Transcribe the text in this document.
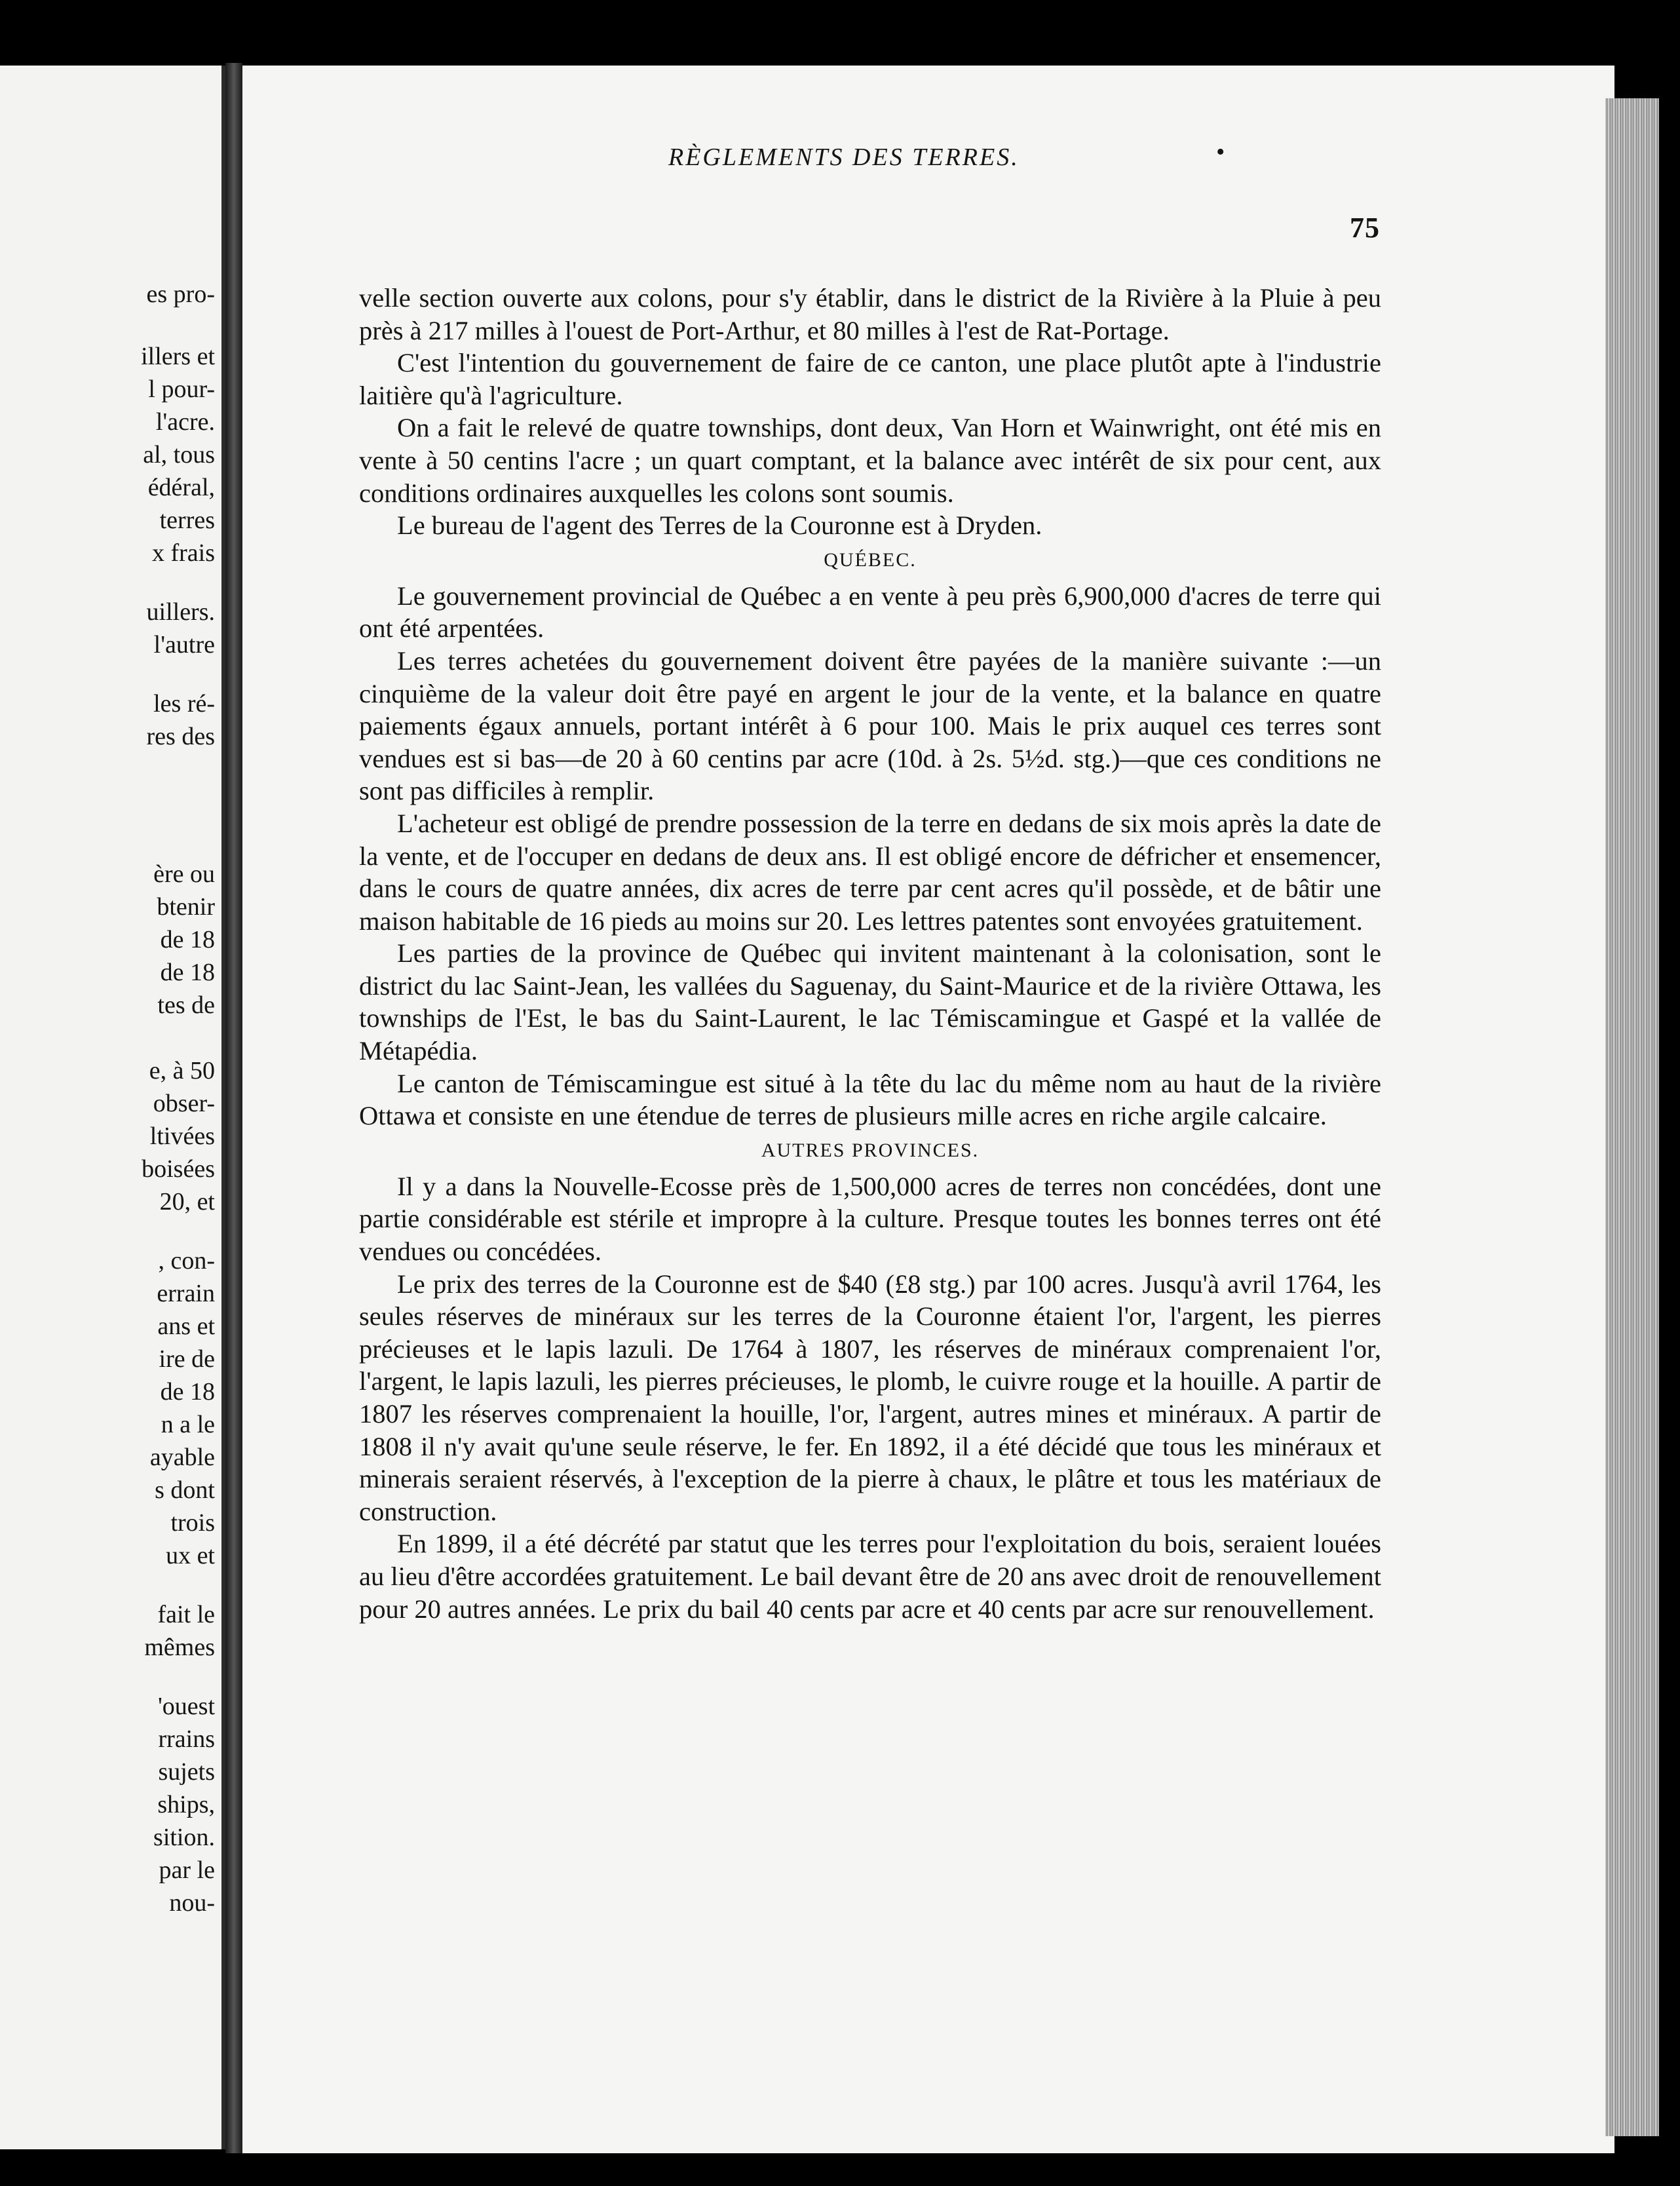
es pro-
illers et
l pour-
l'acre.
al, tous
édéral,
terres
x frais
uillers.
l'autre
les ré-
res des
ère ou
btenir
de 18
de 18
tes de
e, à 50
obser-
ltivées
boisées
20, et
, con-
errain
ans et
ire de
de 18
n a le
ayable
s dont
trois
ux et
fait le
mêmes
'ouest
rrains
sujets
ships,
sition.
par le
nou-
RÈGLEMENTS DES TERRES.	•
75

velle section ouverte aux colons, pour s'y établir, dans le district de la Rivière à la Pluie à peu près à 217 milles à l'ouest de Port-Arthur, et 80 milles à l'est de Rat-Portage.

C'est l'intention du gouvernement de faire de ce canton, une place plutôt apte à l'industrie laitière qu'à l'agriculture.

On a fait le relevé de quatre townships, dont deux, Van Horn et Wainwright, ont été mis en vente à 50 centins l'acre ; un quart comptant, et la balance avec intérêt de six pour cent, aux conditions ordinaires auxquelles les colons sont soumis.

Le bureau de l'agent des Terres de la Couronne est à Dryden.

QUÉBEC.

Le gouvernement provincial de Québec a en vente à peu près 6,900,000 d'acres de terre qui ont été arpentées.

Les terres achetées du gouvernement doivent être payées de la manière suivante :—un cinquième de la valeur doit être payé en argent le jour de la vente, et la balance en quatre paiements égaux annuels, portant intérêt à 6 pour 100. Mais le prix auquel ces terres sont vendues est si bas—de 20 à 60 centins par acre (10d. à 2s. 5½d. stg.)—que ces conditions ne sont pas difficiles à remplir.

L'acheteur est obligé de prendre possession de la terre en dedans de six mois après la date de la vente, et de l'occuper en dedans de deux ans. Il est obligé encore de défricher et ensemencer, dans le cours de quatre années, dix acres de terre par cent acres qu'il possède, et de bâtir une maison habitable de 16 pieds au moins sur 20. Les lettres patentes sont envoyées gratuitement.

Les parties de la province de Québec qui invitent maintenant à la colonisation, sont le district du lac Saint-Jean, les vallées du Saguenay, du Saint-Maurice et de la rivière Ottawa, les townships de l'Est, le bas du Saint-Laurent, le lac Témiscamingue et Gaspé et la vallée de Métapédia.

Le canton de Témiscamingue est situé à la tête du lac du même nom au haut de la rivière Ottawa et consiste en une étendue de terres de plusieurs mille acres en riche argile calcaire.

AUTRES PROVINCES.

Il y a dans la Nouvelle-Ecosse près de 1,500,000 acres de terres non concédées, dont une partie considérable est stérile et impropre à la culture. Presque toutes les bonnes terres ont été vendues ou concédées.

Le prix des terres de la Couronne est de $40 (£8 stg.) par 100 acres. Jusqu'à avril 1764, les seules réserves de minéraux sur les terres de la Couronne étaient l'or, l'argent, les pierres précieuses et le lapis lazuli. De 1764 à 1807, les réserves de minéraux comprenaient l'or, l'argent, le lapis lazuli, les pierres précieuses, le plomb, le cuivre rouge et la houille. A partir de 1807 les réserves comprenaient la houille, l'or, l'argent, autres mines et minéraux. A partir de 1808 il n'y avait qu'une seule réserve, le fer. En 1892, il a été décidé que tous les minéraux et minerais seraient réservés, à l'exception de la pierre à chaux, le plâtre et tous les matériaux de construction.

En 1899, il a été décrété par statut que les terres pour l'exploitation du bois, seraient louées au lieu d'être accordées gratuitement. Le bail devant être de 20 ans avec droit de renouvellement pour 20 autres années. Le prix du bail 40 cents par acre et 40 cents par acre sur renouvellement.
